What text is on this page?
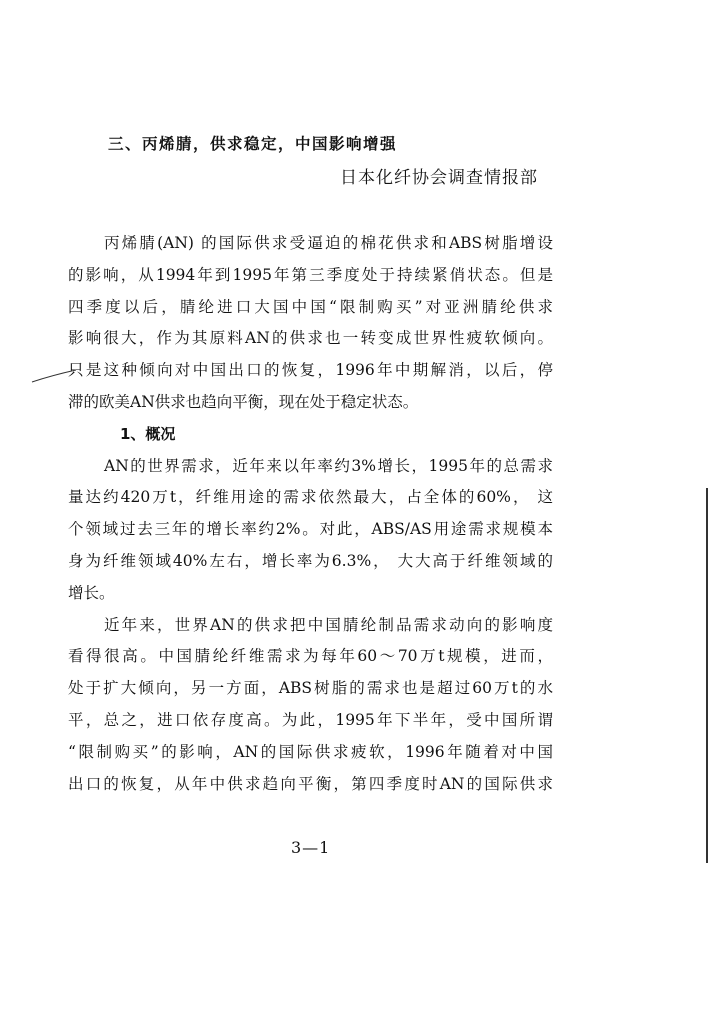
三、丙烯腈，供求稳定，中国影响增强
日本化纤协会调查情报部
丙烯腈(AN) 的国际供求受逼迫的棉花供求和ABS树脂增设
的影响，从1994年到1995年第三季度处于持续紧俏状态。但是
四季度以后，腈纶进口大国中国“限制购买”对亚洲腈纶供求
影响很大，作为其原料AN的供求也一转变成世界性疲软倾向。
只是这种倾向对中国出口的恢复，1996年中期解消，以后，停
滞的欧美AN供求也趋向平衡，现在处于稳定状态。
1、概况
AN的世界需求，近年来以年率约3%增长，1995年的总需求
量达约420万t，纤维用途的需求依然最大，占全体的60%， 这
个领域过去三年的增长率约2%。对此，ABS/AS用途需求规模本
身为纤维领域40%左右，增长率为6.3%， 大大高于纤维领域的
增长。
近年来，世界AN的供求把中国腈纶制品需求动向的影响度
看得很高。中国腈纶纤维需求为每年60～70万t规模，进而，
处于扩大倾向，另一方面，ABS树脂的需求也是超过60万t的水
平，总之，进口依存度高。为此，1995年下半年，受中国所谓
“限制购买”的影响，AN的国际供求疲软，1996年随着对中国
出口的恢复，从年中供求趋向平衡，第四季度时AN的国际供求
3—1
